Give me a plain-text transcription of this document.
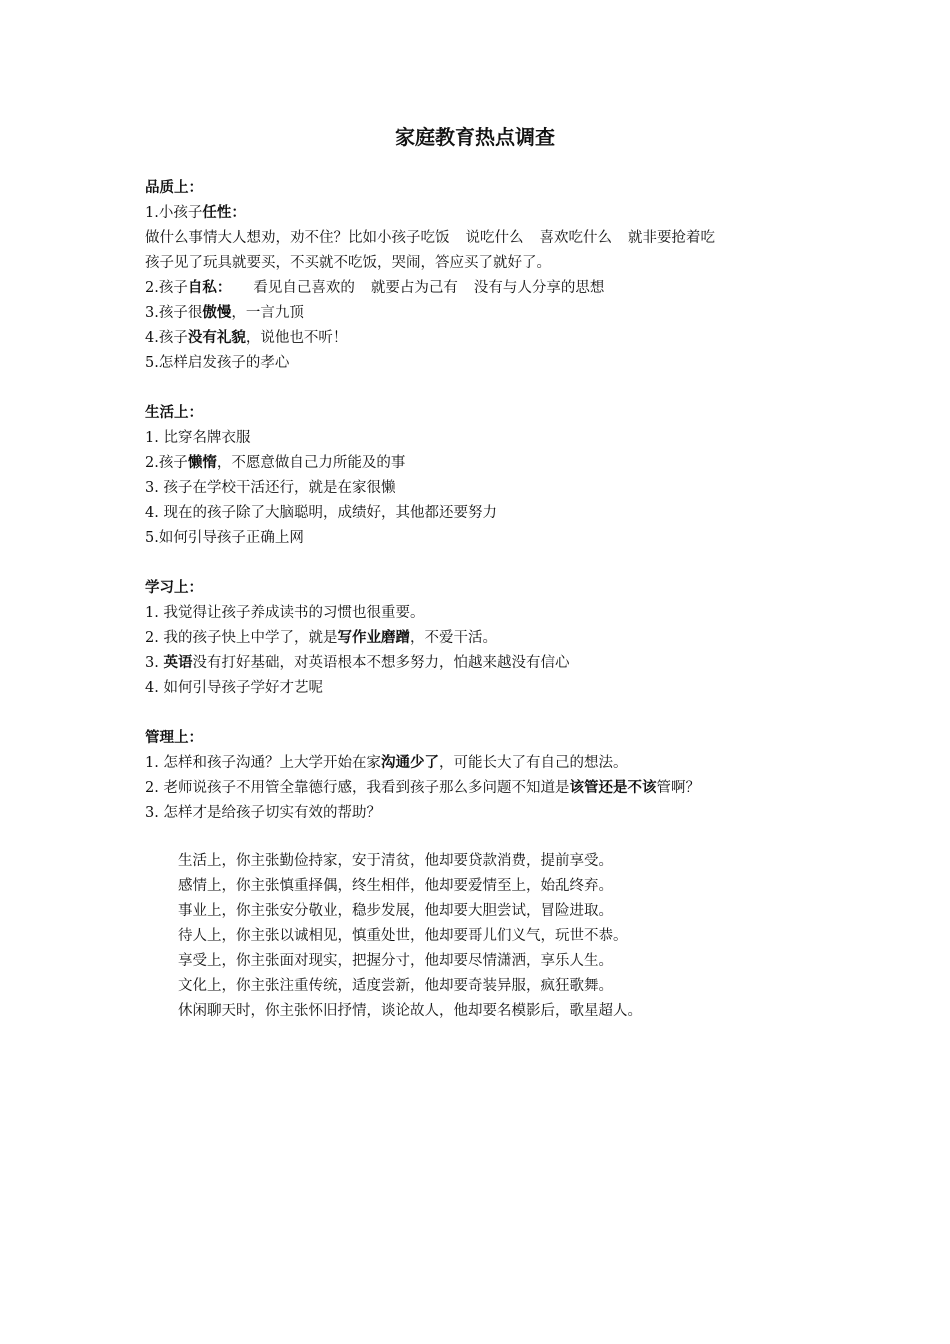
家庭教育热点调查
品质上：
1.小孩子任性：
做什么事情大人想劝，劝不住？比如小孩子吃饭 说吃什么 喜欢吃什么 就非要抢着吃
孩子见了玩具就要买，不买就不吃饭，哭闹，答应买了就好了。
2.孩子自私： 看见自己喜欢的 就要占为己有 没有与人分享的思想
3.孩子很傲慢，一言九顶
4.孩子没有礼貌，说他也不听！
5.怎样启发孩子的孝心
生活上：
1. 比穿名牌衣服
2.孩子懒惰，不愿意做自己力所能及的事
3. 孩子在学校干活还行，就是在家很懒
4. 现在的孩子除了大脑聪明，成绩好，其他都还要努力
5.如何引导孩子正确上网
学习上：
1. 我觉得让孩子养成读书的习惯也很重要。
2. 我的孩子快上中学了，就是写作业磨蹭，不爱干活。
3. 英语没有打好基础，对英语根本不想多努力，怕越来越没有信心
4. 如何引导孩子学好才艺呢
管理上：
1. 怎样和孩子沟通？上大学开始在家沟通少了，可能长大了有自己的想法。
2. 老师说孩子不用管全靠德行感，我看到孩子那么多问题不知道是该管还是不该管啊？
3. 怎样才是给孩子切实有效的帮助？
生活上，你主张勤俭持家，安于清贫，他却要贷款消费，提前享受。
感情上，你主张慎重择偶，终生相伴，他却要爱情至上，始乱终弃。
事业上，你主张安分敬业，稳步发展，他却要大胆尝试，冒险进取。
待人上，你主张以诚相见，慎重处世，他却要哥儿们义气，玩世不恭。
享受上，你主张面对现实，把握分寸，他却要尽情潇洒，享乐人生。
文化上，你主张注重传统，适度尝新，他却要奇装异服，疯狂歌舞。
休闲聊天时，你主张怀旧抒情，谈论故人，他却要名模影后，歌星超人。
